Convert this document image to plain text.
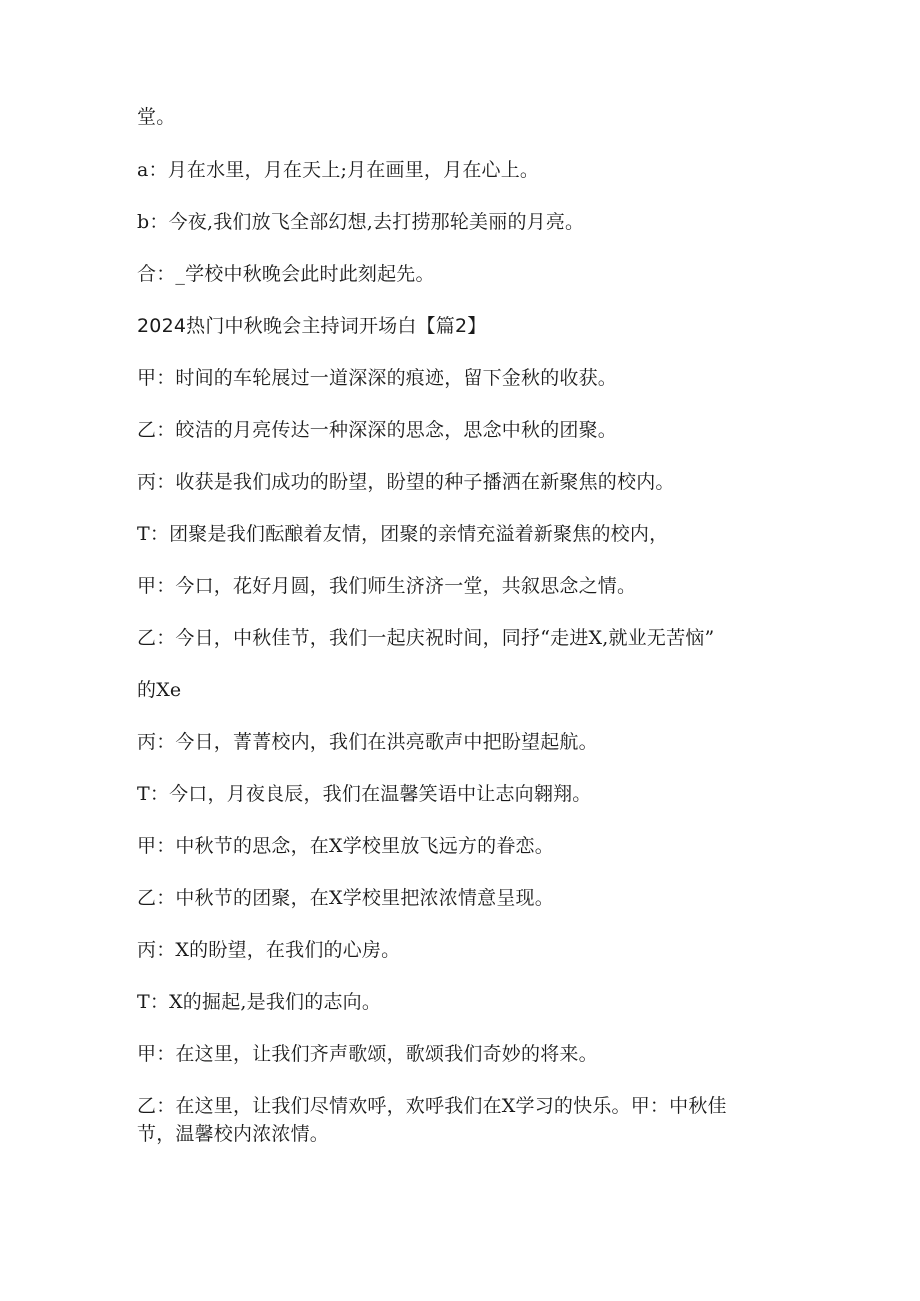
堂。

a：月在水里，月在天上;月在画里，月在心上。

b：今夜,我们放飞全部幻想,去打捞那轮美丽的月亮。

合：_学校中秋晚会此时此刻起先。

2024热门中秋晚会主持词开场白【篇2】

甲：时间的车轮展过一道深深的痕迹，留下金秋的收获。

乙：皎洁的月亮传达一种深深的思念，思念中秋的团聚。

丙：收获是我们成功的盼望，盼望的种子播洒在新聚焦的校内。

T：团聚是我们酝酿着友情，团聚的亲情充溢着新聚焦的校内，

甲：今口，花好月圆，我们师生济济一堂，共叙思念之情。

乙：今日，中秋佳节，我们一起庆祝时间，同抒“走进X,就业无苦恼”

的Xe

丙：今日，菁菁校内，我们在洪亮歌声中把盼望起航。

T：今口，月夜良辰，我们在温馨笑语中让志向翱翔。

甲：中秋节的思念，在X学校里放飞远方的眷恋。

乙：中秋节的团聚，在X学校里把浓浓情意呈现。

丙：X的盼望，在我们的心房。

T：X的掘起,是我们的志向。

甲：在这里，让我们齐声歌颂，歌颂我们奇妙的将来。

乙：在这里，让我们尽情欢呼，欢呼我们在X学习的快乐。甲：中秋佳

节，温馨校内浓浓情。
